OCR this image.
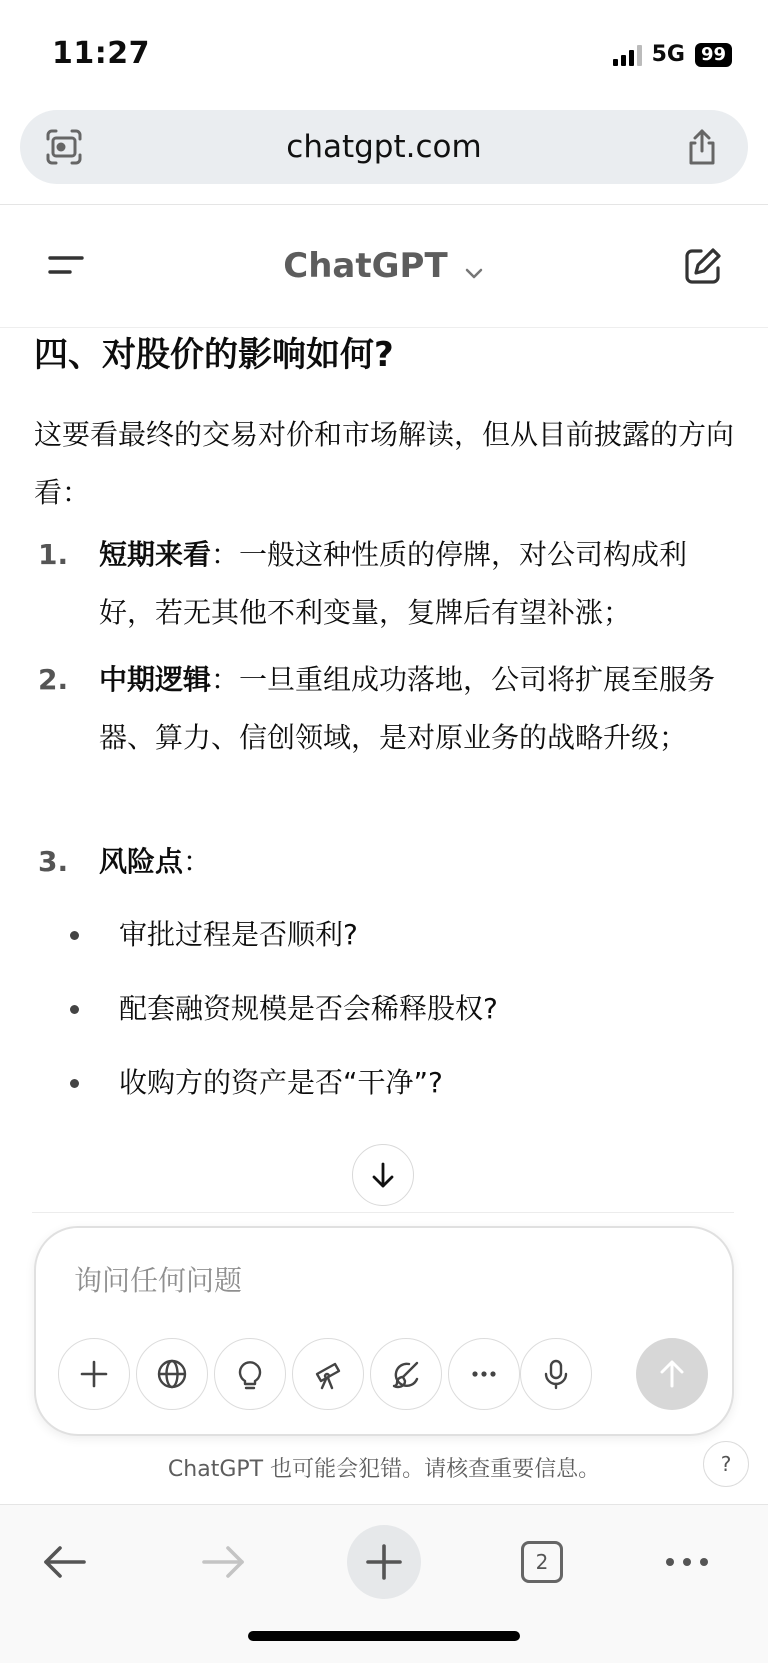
11:27	5G 99
chatgpt.com
ChatGPT
四、对股价的影响如何?

这要看最终的交易对价和市场解读，但从目前披露的方向看：

1. 短期来看：一般这种性质的停牌，对公司构成利好，若无其他不利变量，复牌后有望补涨；
2. 中期逻辑：一旦重组成功落地，公司将扩展至服务器、算力、信创领域，是对原业务的战略升级；
3. 风险点：
审批过程是否顺利?
配套融资规模是否会稀释股权?
收购方的资产是否“干净”?
询问任何问题
ChatGPT 也可能会犯错。请核查重要信息。	?
2
